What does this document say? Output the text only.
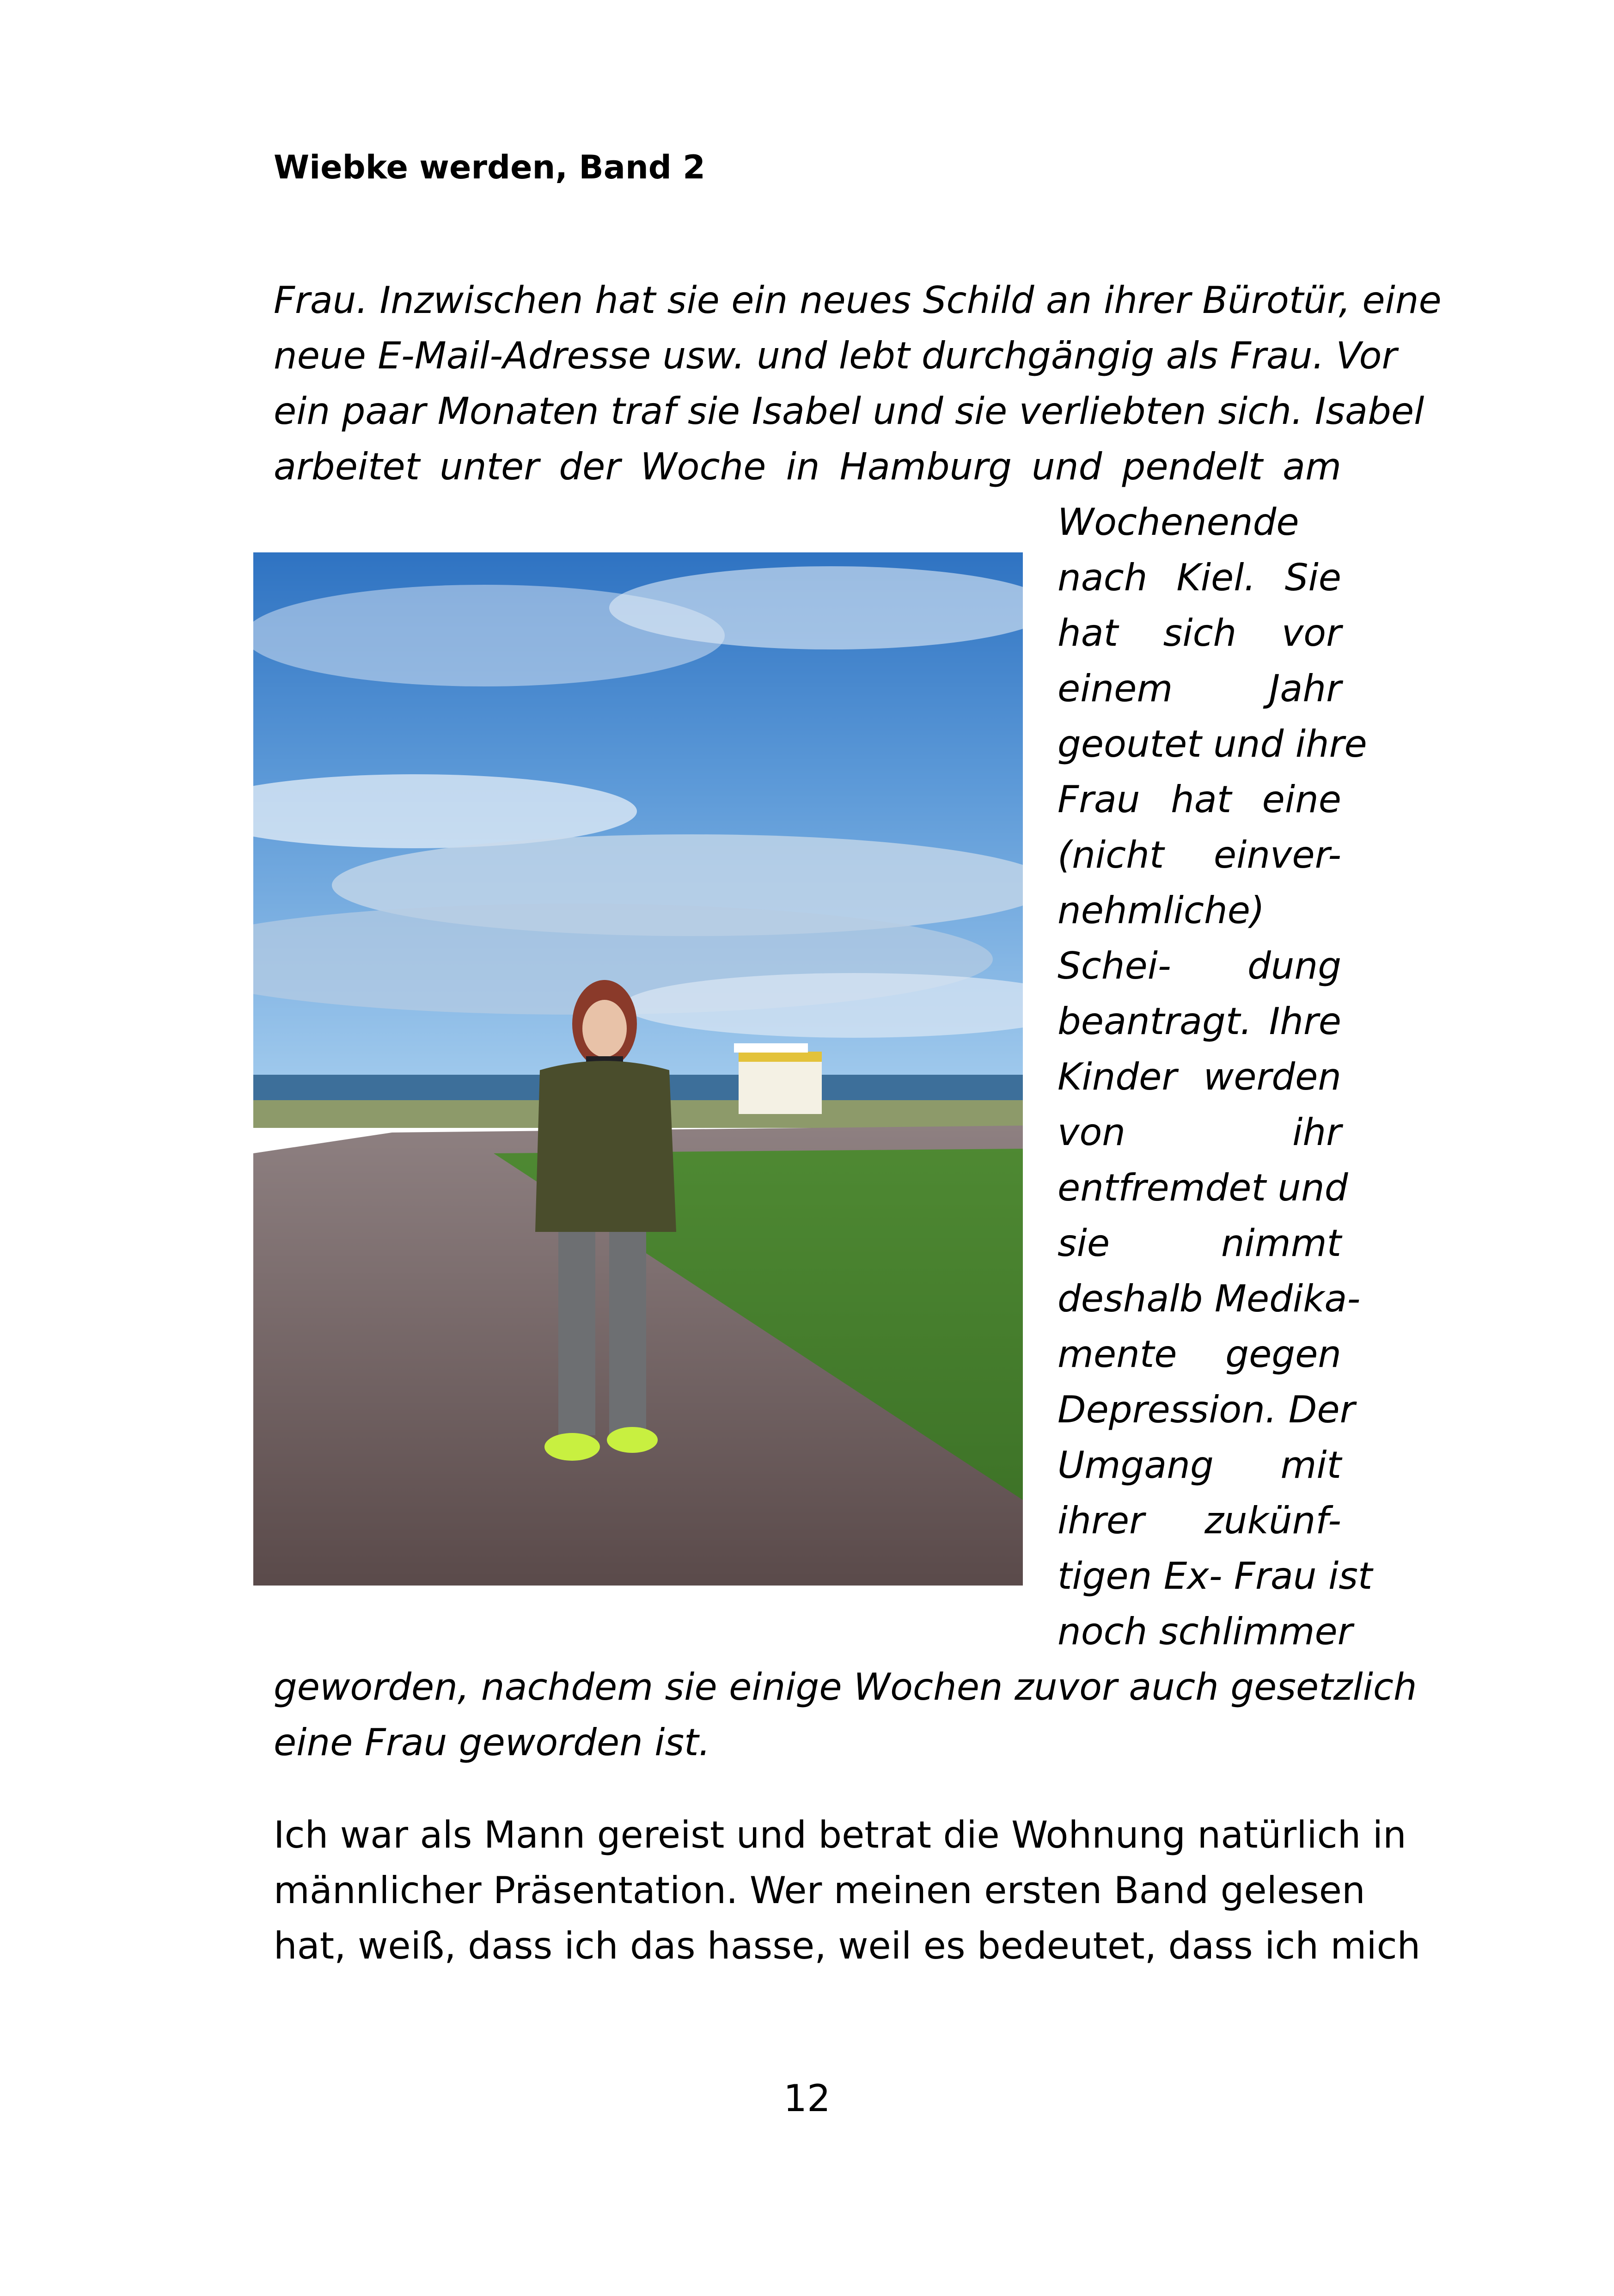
Wiebke werden, Band 2
Frau. Inzwischen hat sie ein neues Schild an ihrer Bürotür, eine
neue E-Mail-Adresse usw. und lebt durchgängig als Frau. Vor
ein paar Monaten traf sie Isabel und sie verliebten sich. Isabel
arbeitet unter der Woche in Hamburg und pendelt am
Wochenende
nach Kiel. Sie
hat sich vor
einem Jahr
geoutet und ihre
Frau hat eine
(nicht einver-
nehmliche)
Schei- dung
beantragt. Ihre
Kinder werden
von ihr
entfremdet und
sie nimmt
deshalb Medika-
mente gegen
Depression. Der
Umgang mit
ihrer zukünf-
tigen Ex- Frau ist
noch schlimmer
geworden, nachdem sie einige Wochen zuvor auch gesetzlich
eine Frau geworden ist.
Ich war als Mann gereist und betrat die Wohnung natürlich in
männlicher Präsentation. Wer meinen ersten Band gelesen
hat, weiß, dass ich das hasse, weil es bedeutet, dass ich mich
12
